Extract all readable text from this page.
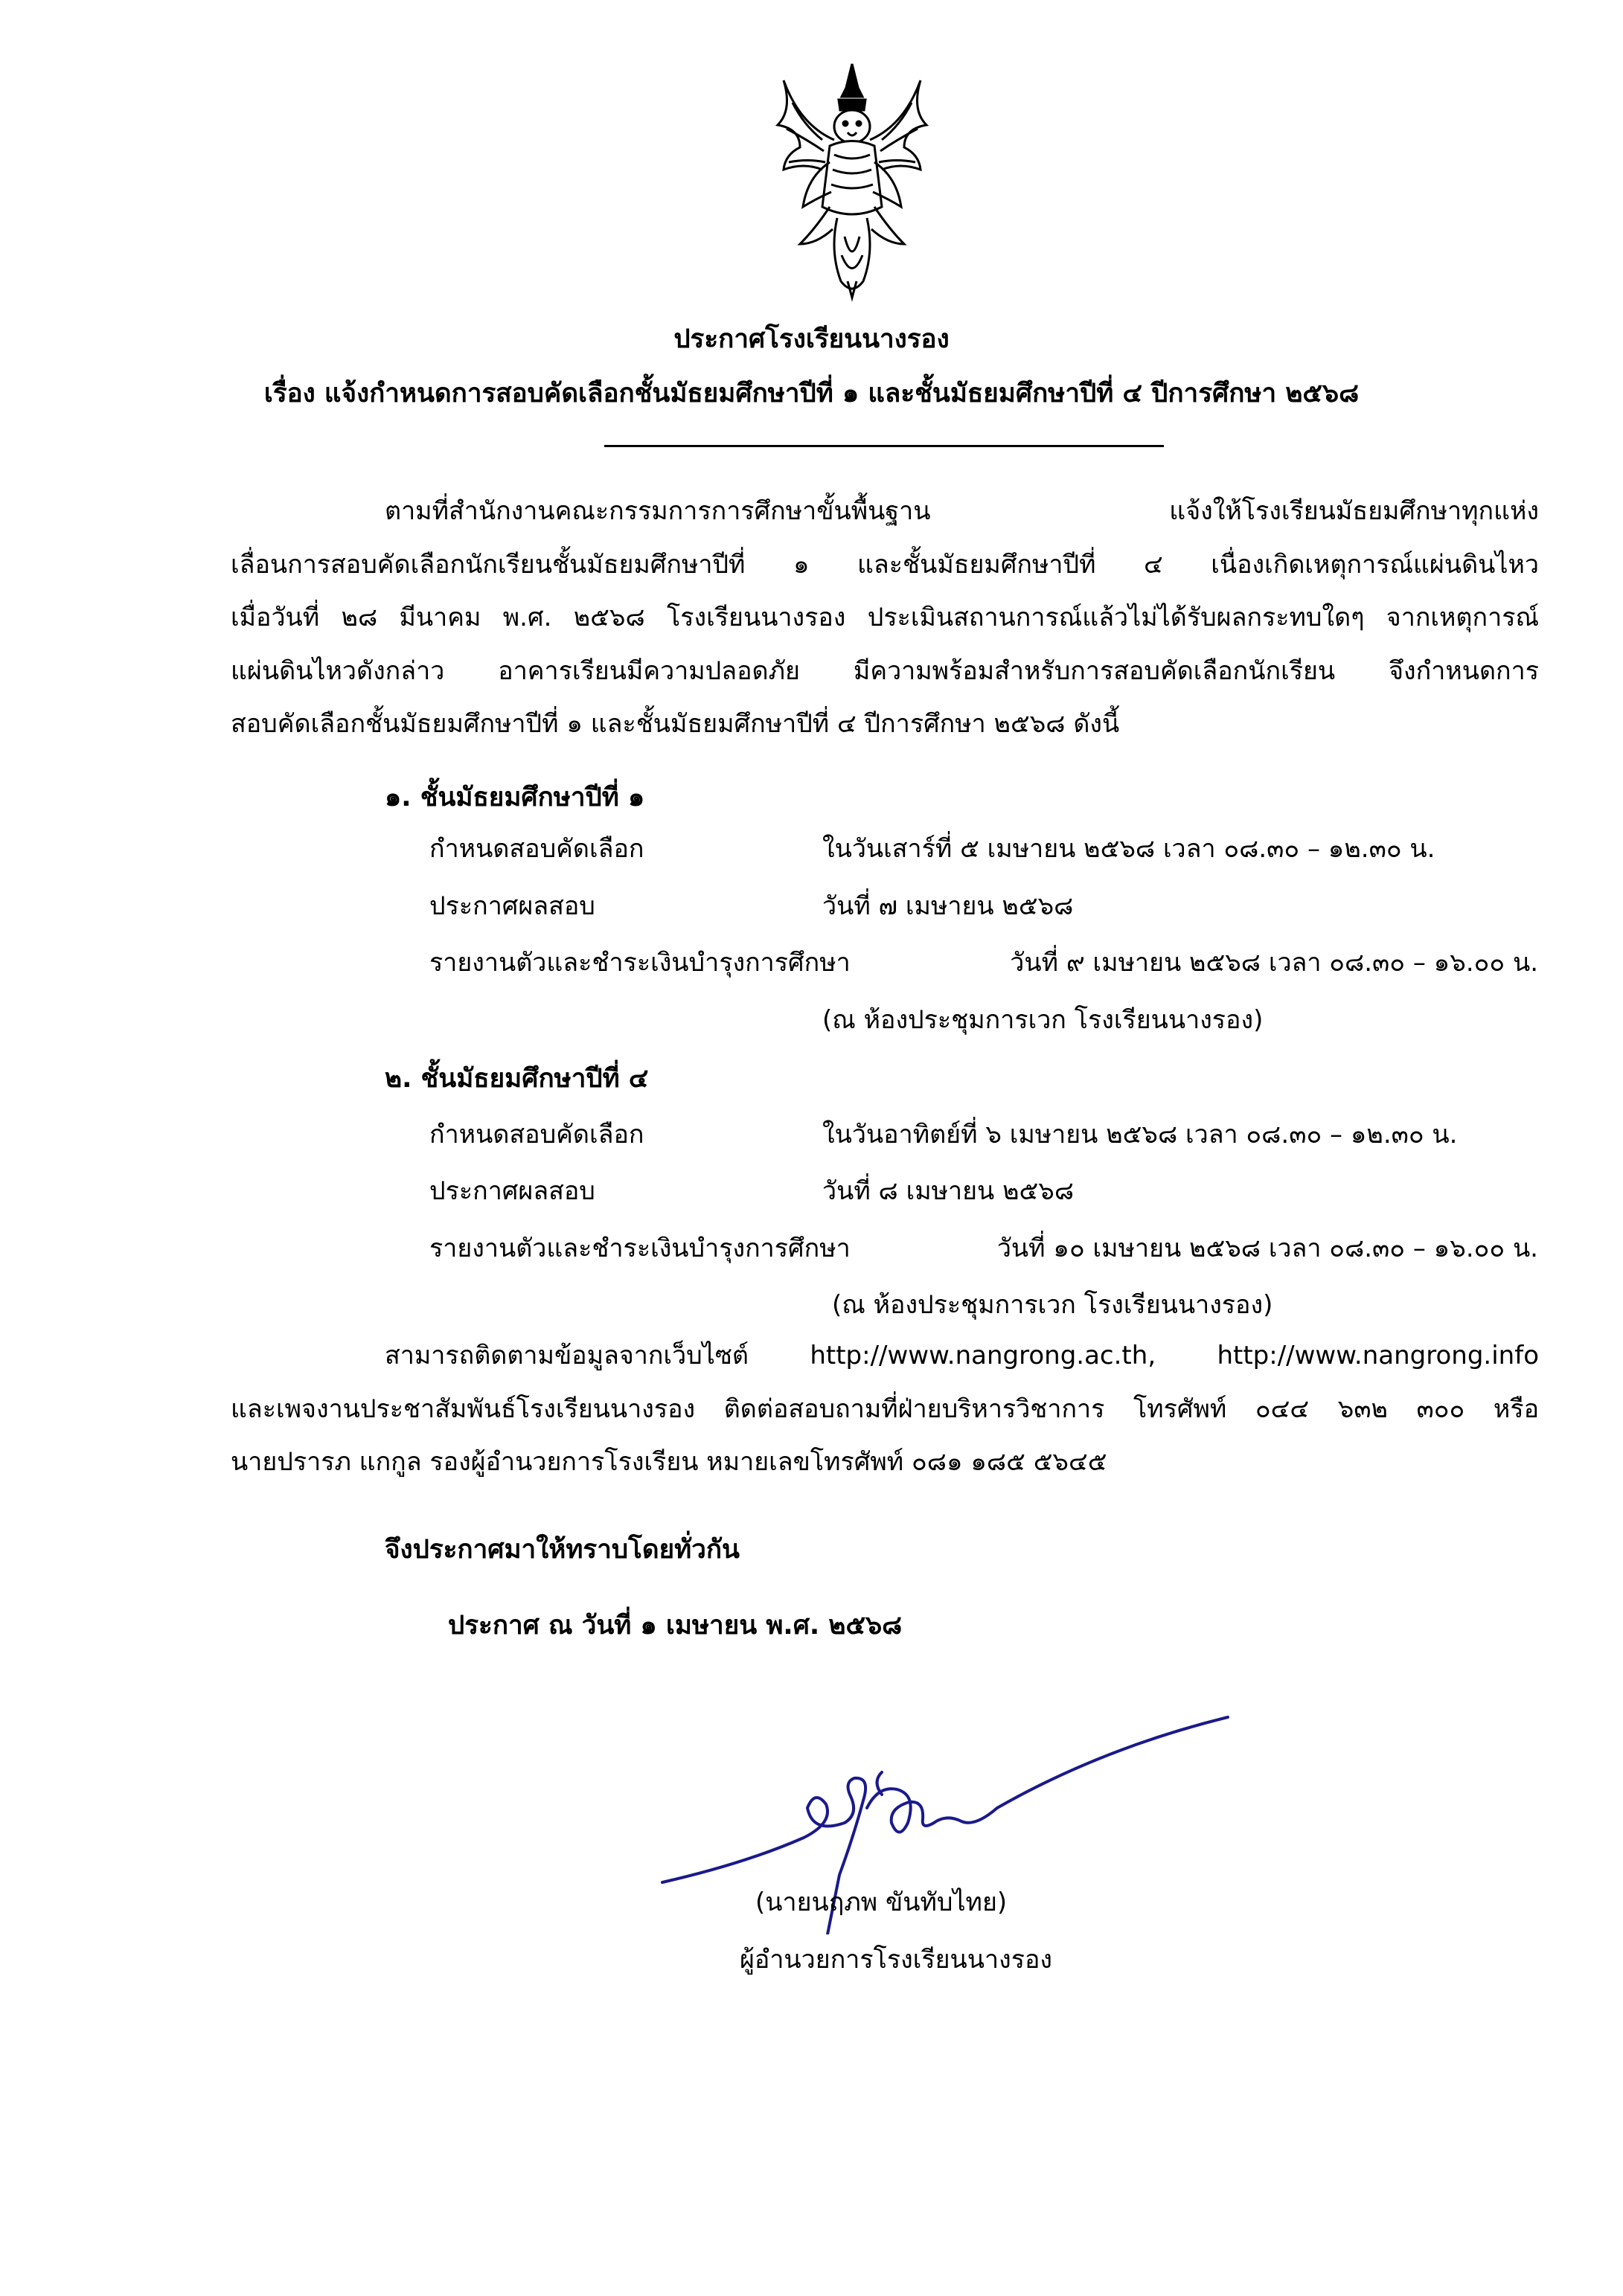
ประกาศโรงเรียนนางรอง
เรื่อง แจ้งกำหนดการสอบคัดเลือกชั้นมัธยมศึกษาปีที่ ๑ และชั้นมัธยมศึกษาปีที่ ๔ ปีการศึกษา ๒๕๖๘
ตามที่สำนักงานคณะกรรมการการศึกษาขั้นพื้นฐาน แจ้งให้โรงเรียนมัธยมศึกษาทุกแห่ง
เลื่อนการสอบคัดเลือกนักเรียนชั้นมัธยมศึกษาปีที่ ๑ และชั้นมัธยมศึกษาปีที่ ๔ เนื่องเกิดเหตุการณ์แผ่นดินไหว
เมื่อวันที่ ๒๘ มีนาคม พ.ศ. ๒๕๖๘ โรงเรียนนางรอง ประเมินสถานการณ์แล้วไม่ได้รับผลกระทบใดๆ จากเหตุการณ์
แผ่นดินไหวดังกล่าว อาคารเรียนมีความปลอดภัย มีความพร้อมสำหรับการสอบคัดเลือกนักเรียน จึงกำหนดการ
สอบคัดเลือกชั้นมัธยมศึกษาปีที่ ๑ และชั้นมัธยมศึกษาปีที่ ๔ ปีการศึกษา ๒๕๖๘ ดังนี้
๑. ชั้นมัธยมศึกษาปีที่ ๑
กำหนดสอบคัดเลือก	ในวันเสาร์ที่ ๕ เมษายน ๒๕๖๘ เวลา ๐๘.๓๐ – ๑๒.๓๐ น.
ประกาศผลสอบ	วันที่ ๗ เมษายน ๒๕๖๘
รายงานตัวและชำระเงินบำรุงการศึกษา	วันที่ ๙ เมษายน ๒๕๖๘ เวลา ๐๘.๓๐ – ๑๖.๐๐ น.
(ณ ห้องประชุมการเวก โรงเรียนนางรอง)
๒. ชั้นมัธยมศึกษาปีที่ ๔
กำหนดสอบคัดเลือก	ในวันอาทิตย์ที่ ๖ เมษายน ๒๕๖๘ เวลา ๐๘.๓๐ – ๑๒.๓๐ น.
ประกาศผลสอบ	วันที่ ๘ เมษายน ๒๕๖๘
รายงานตัวและชำระเงินบำรุงการศึกษา	วันที่ ๑๐ เมษายน ๒๕๖๘ เวลา ๐๘.๓๐ – ๑๖.๐๐ น.
(ณ ห้องประชุมการเวก โรงเรียนนางรอง)
สามารถติดตามข้อมูลจากเว็บไซต์ http://www.nangrong.ac.th, http://www.nangrong.info
และเพจงานประชาสัมพันธ์โรงเรียนนางรอง ติดต่อสอบถามที่ฝ่ายบริหารวิชาการ โทรศัพท์ ๐๔๔ ๖๓๒ ๓๐๐ หรือ
นายปรารภ แกกูล รองผู้อำนวยการโรงเรียน หมายเลขโทรศัพท์ ๐๘๑ ๑๘๕ ๕๖๔๕
จึงประกาศมาให้ทราบโดยทั่วกัน
ประกาศ ณ วันที่ ๑ เมษายน พ.ศ. ๒๕๖๘
(นายนฤภพ ขันทับไทย)
ผู้อำนวยการโรงเรียนนางรอง
